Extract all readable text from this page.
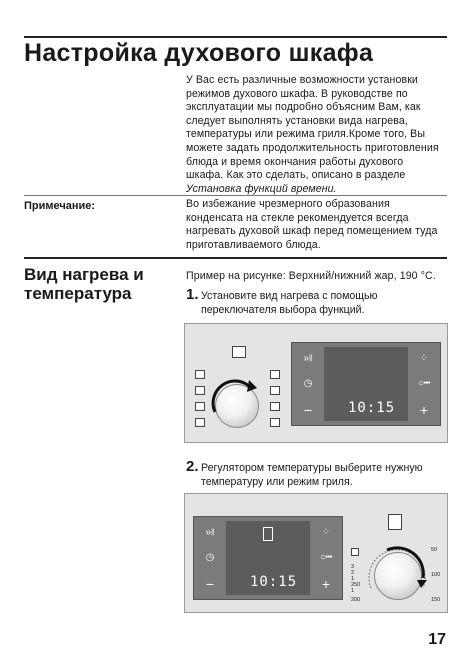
Настройка духового шкафа
У Вас есть различные возможности установки
режимов духового шкафа. В руководстве по
эксплуатации мы подробно объясним Вам, как
следует выполнять установки вида нагрева,
температуры или режима гриля.Кроме того, Вы
можете задать продолжительность приготовления
блюда и время окончания работы духового
шкафа. Как это сделать, описано в разделе
Установка функций времени.
Примечание:	Во избежание чрезмерного образования
конденсата на стекле рекомендуется всегда
нагревать духовой шкаф перед помещением туда
приготавливаемого блюда.
Вид нагрева и температура
Пример на рисунке: Верхний/нижний жар, 190 °C.
1. Установите вид нагрева с помощью
переключателя выбора функций.
»⧛
◷
−
⁘
○━
+
10:15
2. Регулятором температуры выберите нужную
температуру или режим гриля.
»⧛
◷
−
⁘
○━
+
10:15
3
2
1
250
1
200
50
100
150
17
